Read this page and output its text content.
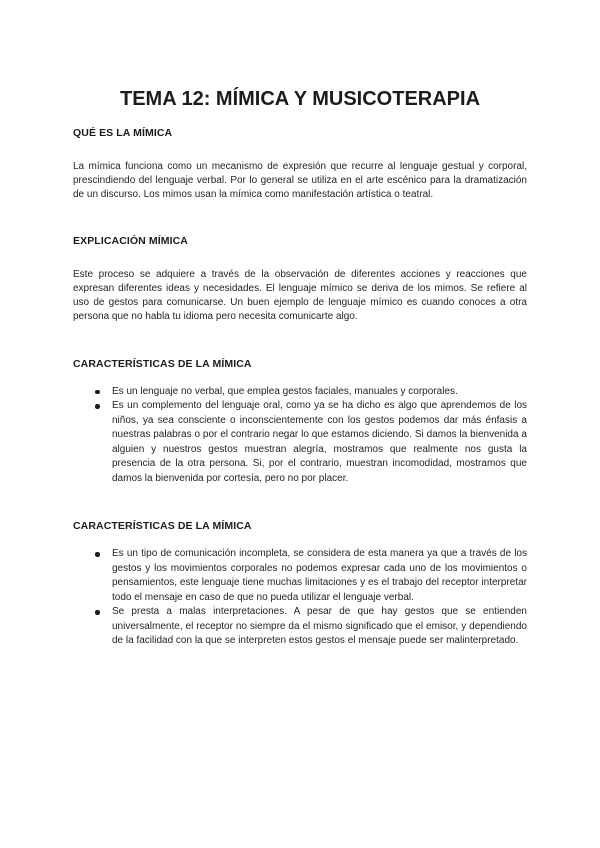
TEMA 12: MÍMICA Y MUSICOTERAPIA
QUÉ ES LA MÍMICA

La mímica funciona como un mecanismo de expresión que recurre al lenguaje gestual y corporal, prescindiendo del lenguaje verbal. Por lo general se utiliza en el arte escénico para la dramatización de un discurso. Los mimos usan la mímica como manifestación artística o teatral.

EXPLICACIÓN MÍMICA

Este proceso se adquiere a través de la observación de diferentes acciones y reacciones que expresan diferentes ideas y necesidades. El lenguaje mímico se deriva de los mimos. Se refiere al uso de gestos para comunicarse. Un buen ejemplo de lenguaje mímico es cuando conoces a otra persona que no habla tu idioma pero necesita comunicarte algo.

CARACTERÍSTICAS DE LA MÍMICA
Es un lenguaje no verbal, que emplea gestos faciales, manuales y corporales.
Es un complemento del lenguaje oral, como ya se ha dicho es algo que aprendemos de los niños, ya sea consciente o inconscientemente con los gestos podemos dar más énfasis a nuestras palabras o por el contrario negar lo que estamos diciendo. Si damos la bienvenida a alguien y nuestros gestos muestran alegría, mostramos que realmente nos gusta la presencia de la otra persona. Si, por el contrario, muestran incomodidad, mostramos que damos la bienvenida por cortesía, pero no por placer.
CARACTERÍSTICAS DE LA MÍMICA
Es un tipo de comunicación incompleta, se considera de esta manera ya que a través de los gestos y los movimientos corporales no podemos expresar cada uno de los movimientos o pensamientos, este lenguaje tiene muchas limitaciones y es el trabajo del receptor interpretar todo el mensaje en caso de que no pueda utilizar el lenguaje verbal.
Se presta a malas interpretaciones. A pesar de que hay gestos que se entienden universalmente, el receptor no siempre da el mismo significado que el emisor, y dependiendo de la facilidad con la que se interpreten estos gestos el mensaje puede ser malinterpretado.
